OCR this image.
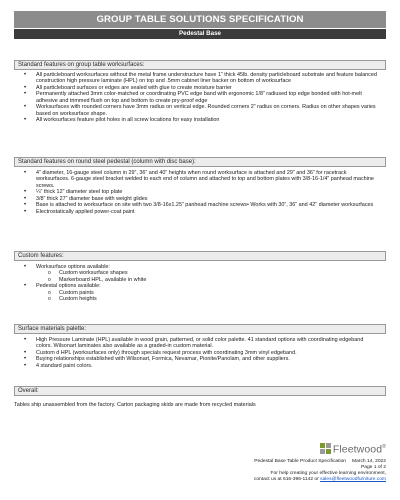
GROUP TABLE SOLUTIONS SPECIFICATION
Pedestal Base
Standard features on group table worksurfaces:
• All particleboard worksurfaces without the metal frame understructure have 1” thick 45lb. density particleboard substrate and feature balanced construction high pressure laminate (HPL) on top and .5mm cabinet liner backer on bottom of worksurface
• All particleboard surfaces or edges are sealed with glue to create moisture barrier
• Permanently attached 3mm color-matched or coordinating PVC edge band with ergonomic 1/8” radiused top edge bonded with hot-melt adhesive and trimmed flush on top and bottom to create pry-proof edge
• Worksurfaces with rounded corners have 3mm radius on vertical edge. Rounded corners 2” radius on corners. Radius on other shapes varies based on worksurface shape.
• All worksurfaces feature pilot holes in all screw locations for easy installation
Standard features on round steel pedestal (column with disc base):
• 4” diameter, 16-gauge steel column in 29”, 36” and 40” heights when round worksurface is attached and 29” and 36” for racetrack worksurfaces. 6-gauge steel bracket welded to each end of column and attached to top and bottom plates with 3/8-16-1/4” panhead machine screws.
• ¼” thick 12” diameter steel top plate
• 3/8” thick 27” diameter base with weight glides
• Base is attached to worksurface on site with two 3/8-16x1.25” panhead machine screws• Works with 30”, 36” and 42” diameter worksurfaces
• Electrostatically applied power-coat paint
Custom features:
• Worksurface options available:
o Custom worksurface shapes
o Markerboard HPL, available in white
• Pedestal options available:
o Custom paints
o Custom heights
Surface materials palette:
• High Pressure Laminate (HPL) available in wood grain, patterned, or solid color palette. 41 standard options with coordinating edgeband colors. Wilsonart laminates also available as a graded-in custom material.
• Custom d HPL (worksurfaces only) through specials request process with coordinating 3mm vinyl edgeband.
• Buying relationships established with Wilsonart, Formica, Nevamar, Pionite/Panolam, and other suppliers.
• 4 standard paint colors.
Overall:
Tables ship unassembled from the factory. Carton packaging skids are made from recycled materials
Fleetwood®
Pedestal Base Table Product Specification March 14, 2022
Page 1 of 2
For help creating your effective learning environment,
contact us at 616-396-1142 or sales@fleetwoodfurniture.com
